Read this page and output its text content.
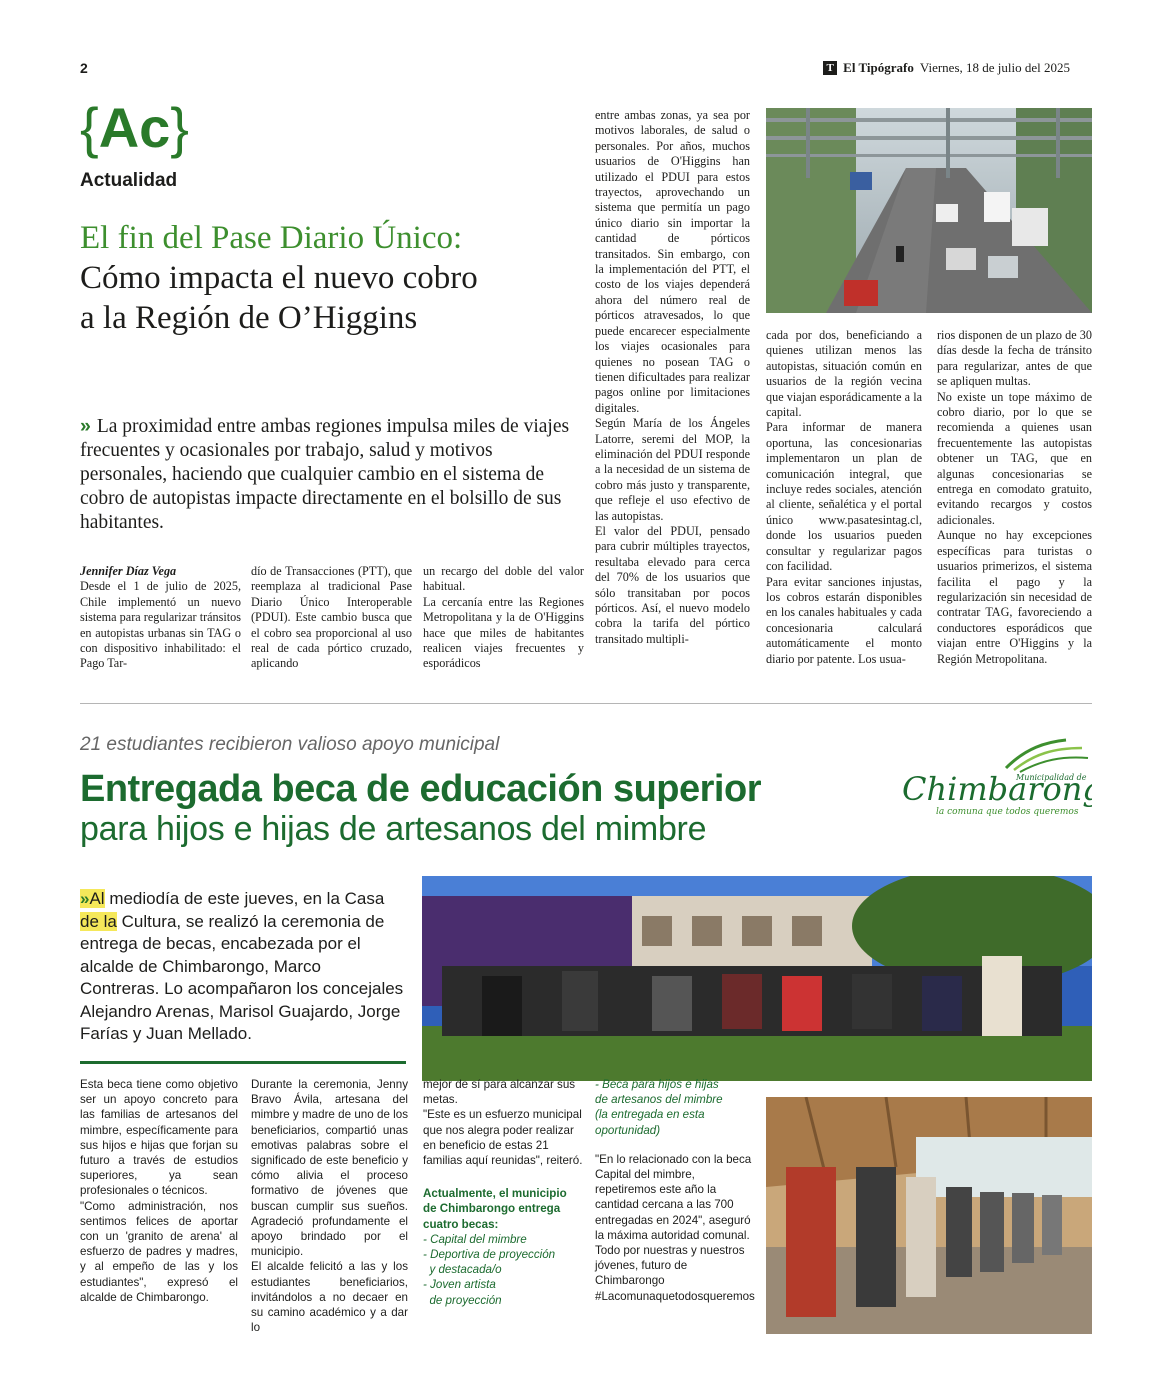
2	T El Tipógrafo Viernes, 18 de julio del 2025
{Ac}
Actualidad
El fin del Pase Diario Único:
Cómo impacta el nuevo cobro
a la Región de O’Higgins
» La proximidad entre ambas regiones impulsa miles de viajes frecuentes y ocasionales por trabajo, salud y motivos personales, haciendo que cualquier cambio en el sistema de cobro de autopistas impacte directamente en el bolsillo de sus habitantes.
Jennifer Díaz Vega

Desde el 1 de julio de 2025, Chile implementó un nuevo sistema para regularizar tránsitos en autopistas urbanas sin TAG o con dispositivo inhabilitado: el Pago Tar-

dío de Transacciones (PTT), que reemplaza al tradicional Pase Diario Único Interoperable (PDUI). Este cambio busca que el cobro sea proporcional al uso real de cada pórtico cruzado, aplicando
un recargo del doble del valor habitual.
La cercanía entre las Regiones Metropolitana y la de O'Higgins hace que miles de habitantes realicen viajes frecuentes y esporádicos
entre ambas zonas, ya sea por motivos laborales, de salud o personales. Por años, muchos usuarios de O'Higgins han utilizado el PDUI para estos trayectos, aprovechando un sistema que permitía un pago único diario sin importar la cantidad de pórticos transitados. Sin embargo, con la implementación del PTT, el costo de los viajes dependerá ahora del número real de pórticos atravesados, lo que puede encarecer especialmente los viajes ocasionales para quienes no posean TAG o tienen dificultades para realizar pagos online por limitaciones digitales.
Según María de los Ángeles Latorre, seremi del MOP, la eliminación del PDUI responde a la necesidad de un sistema de cobro más justo y transparente, que refleje el uso efectivo de las autopistas.
El valor del PDUI, pensado para cubrir múltiples trayectos, resultaba elevado para cerca del 70% de los usuarios que sólo transitaban por pocos pórticos. Así, el nuevo modelo cobra la tarifa del pórtico transitado multipli-
cada por dos, beneficiando a quienes utilizan menos las autopistas, situación común en usuarios de la región vecina que viajan esporádicamente a la capital.
Para informar de manera oportuna, las concesionarias implementaron un plan de comunicación integral, que incluye redes sociales, atención al cliente, señalética y el portal único www.pasatesintag.cl, donde los usuarios pueden consultar y regularizar pagos con facilidad.
Para evitar sanciones injustas, los cobros estarán disponibles en los canales habituales y cada concesionaria calculará automáticamente el monto diario por patente. Los usua-
rios disponen de un plazo de 30 días desde la fecha de tránsito para regularizar, antes de que se apliquen multas.
No existe un tope máximo de cobro diario, por lo que se recomienda a quienes usan frecuentemente las autopistas obtener un TAG, que en algunas concesionarias se entrega en comodato gratuito, evitando recargos y costos adicionales.
Aunque no hay excepciones específicas para turistas o usuarios primerizos, el sistema facilita el pago y la regularización sin necesidad de contratar TAG, favoreciendo a conductores esporádicos que viajan entre O'Higgins y la Región Metropolitana.
21 estudiantes recibieron valioso apoyo municipal
Entregada beca de educación superior
para hijos e hijas de artesanos del mimbre
Municipalidad de
Chimbaron
la comuna que todos queremos
»Al mediodía de este jueves, en la Casa de la Cultura, se realizó la ceremonia de entrega de becas, encabezada por el alcalde de Chimbarongo, Marco Contreras. Lo acompañaron los concejales Alejandro Arenas, Marisol Guajardo, Jorge Farías y Juan Mellado.
Esta beca tiene como objetivo ser un apoyo concreto para las familias de artesanos del mimbre, específicamente para sus hijos e hijas que forjan su futuro a través de estudios superiores, ya sean profesionales o técnicos.
"Como administración, nos sentimos felices de aportar con un 'granito de arena' al esfuerzo de padres y madres, y al empeño de las y los estudiantes", expresó el alcalde de Chimbarongo.
Durante la ceremonia, Jenny Bravo Ávila, artesana del mimbre y madre de uno de los beneficiarios, compartió unas emotivas palabras sobre el significado de este beneficio y cómo alivia el proceso formativo de jóvenes que buscan cumplir sus sueños. Agradeció profundamente el apoyo brindado por el municipio.
El alcalde felicitó a las y los estudiantes beneficiarios, invitándolos a no decaer en su camino académico y a dar lo

mejor de sí para alcanzar sus metas.
"Este es un esfuerzo municipal que nos alegra poder realizar en beneficio de estas 21 familias aquí reunidas", reiteró.

Actualmente, el municipio de Chimbarongo entrega cuatro becas:

- Capital del mimbre

- Deportiva de proyección

y destacada/o

- Joven artista

de proyección

- Beca para hijos e hijas
de artesanos del mimbre
(la entregada en esta
oportunidad)

"En lo relacionado con la beca Capital del mimbre, repetiremos este año la cantidad cercana a las 700 entregadas en 2024", aseguró la máxima autoridad comunal.
Todo por nuestras y nuestros jóvenes, futuro de Chimbarongo
#Lacomunaquetodosqueremos
